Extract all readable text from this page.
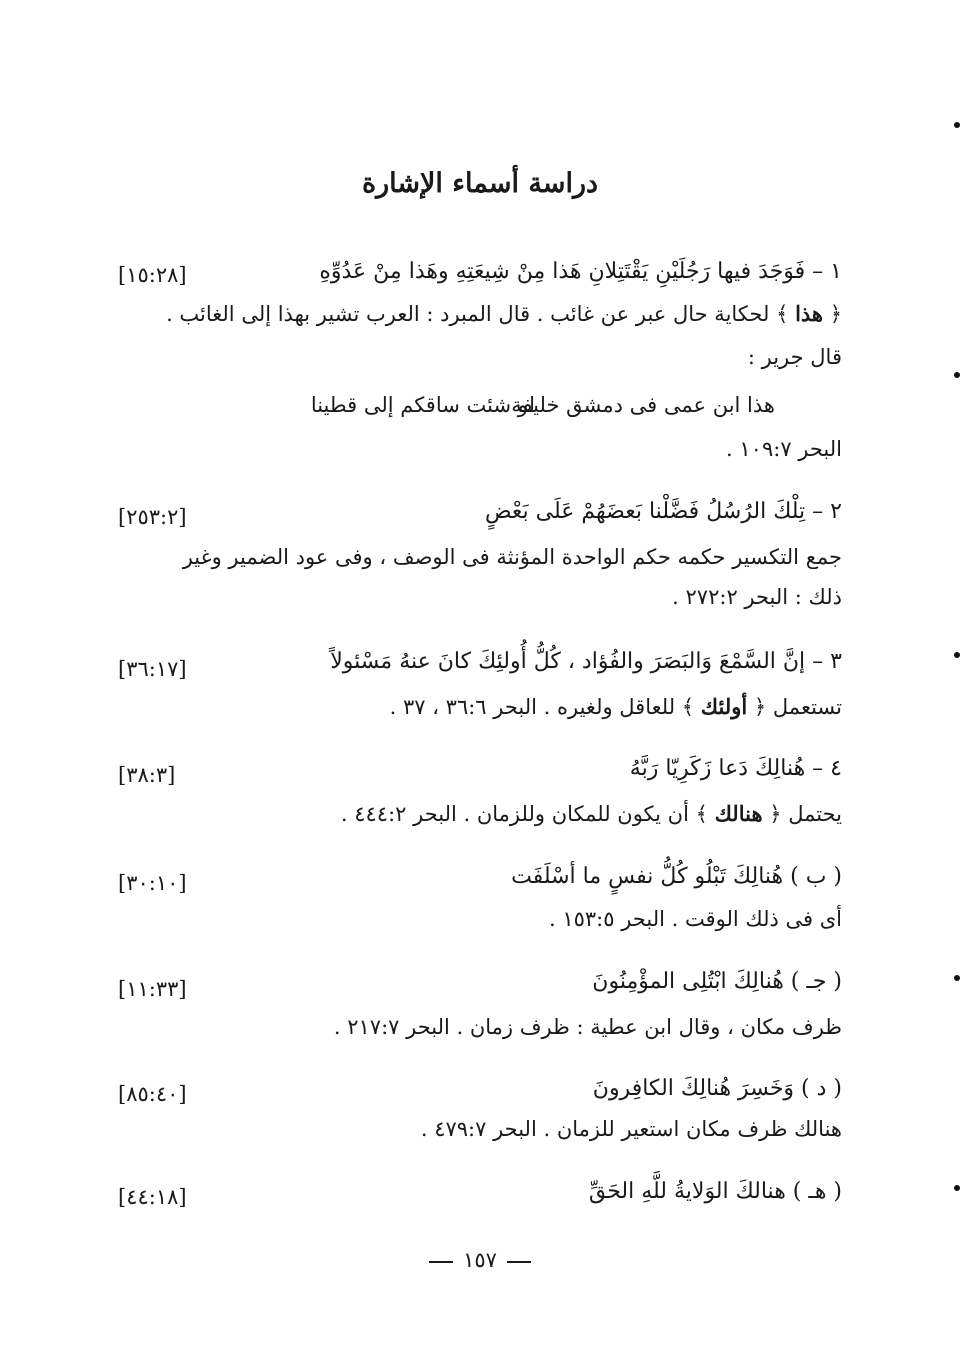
دراسة أسماء الإشارة
١ – فَوَجَدَ فيها رَجُلَيْنِ يَقْتَتِلانِ هَذا مِنْ شِيعَتِهِ وهَذا مِنْ عَدُوِّهِ
[١٥:٢٨]
﴿ هذا ﴾ لحكاية حال عبر عن غائب . قال المبرد : العرب تشير بهذا إلى الغائب .
قال جرير :
هذا ابن عمى فى دمشق خليفة
لو شئت ساقكم إلى قطينا
البحر ١٠٩:٧ .
٢ – تِلْكَ الرُسُلُ فَضَّلْنا بَعضَهُمْ عَلَى بَعْضٍ
[٢٥٣:٢]
جمع التكسير حكمه حكم الواحدة المؤنثة فى الوصف ، وفى عود الضمير وغير
ذلك : البحر ٢٧٢:٢ .
٣ – إنَّ السَّمْعَ وَالبَصَرَ والفُؤاد ، كُلُّ أُولئِكَ كانَ عنهُ مَسْئولاً
[٣٦:١٧]
تستعمل ﴿ أولئك ﴾ للعاقل ولغيره . البحر ٣٦:٦ ، ٣٧ .
٤ – هُنالِكَ دَعا زَكَرِيّا رَبَّهُ
[٣٨:٣]
يحتمل ﴿ هنالك ﴾ أن يكون للمكان وللزمان . البحر ٤٤٤:٢ .
( ب ) هُنالِكَ تَبْلُو كُلُّ نفسٍ ما أسْلَفَت
[٣٠:١٠]
أى فى ذلك الوقت . البحر ١٥٣:٥ .
( جـ ) هُنالِكَ ابْتُلِى المؤْمِنُونَ
[١١:٣٣]
ظرف مكان ، وقال ابن عطية : ظرف زمان . البحر ٢١٧:٧ .
( د ) وَخَسِرَ هُنالِكَ الكافِرونَ
[٨٥:٤٠]
هنالك ظرف مكان استعير للزمان . البحر ٤٧٩:٧ .
( هـ ) هنالكَ الوَلايةُ للَّهِ الحَقِّ
[٤٤:١٨]
١٥٧
